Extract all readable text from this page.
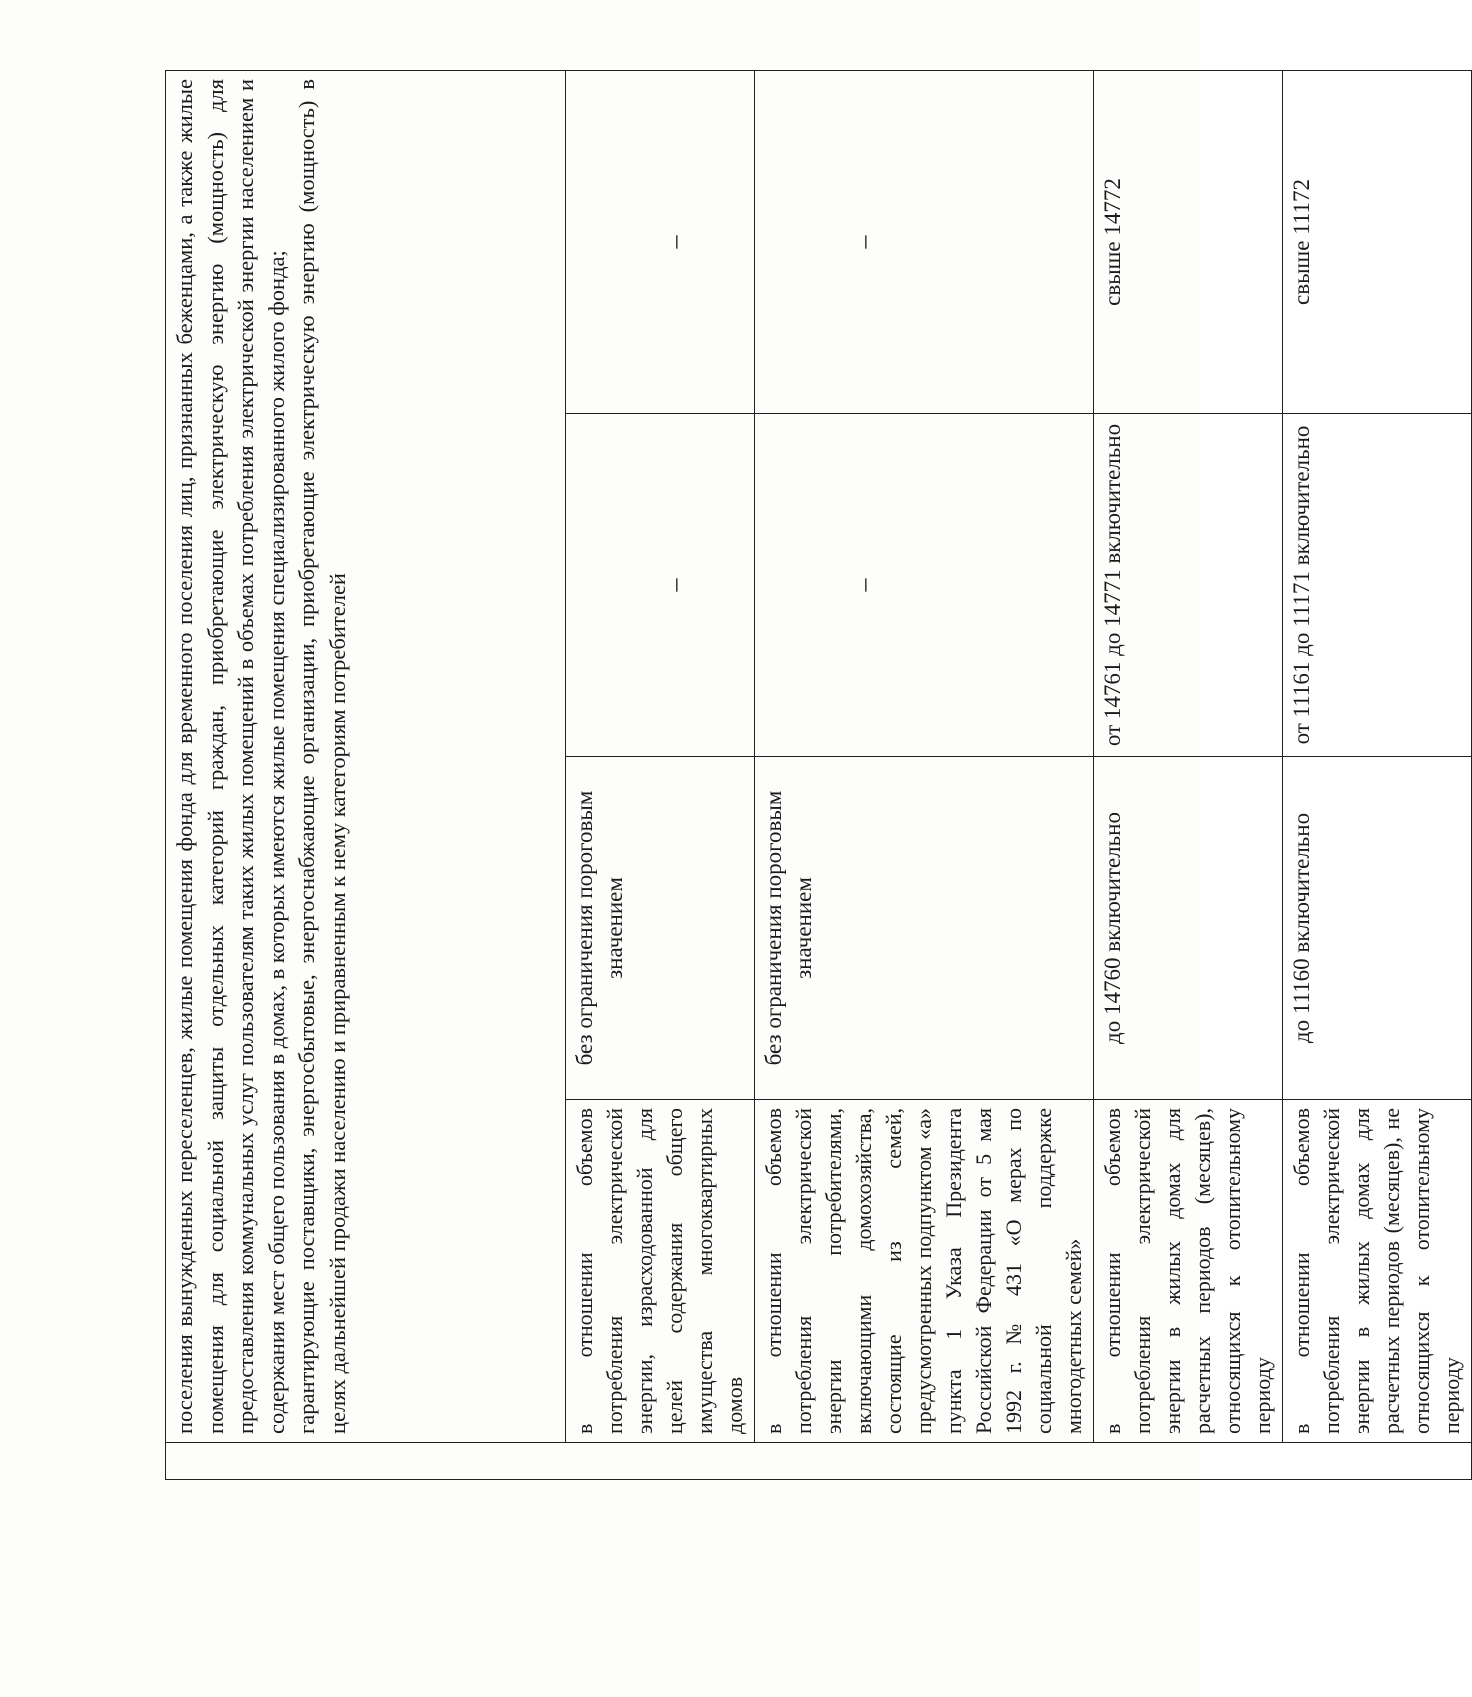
	поселения вынужденных переселенцев, жилые помещения фонда для временного поселения лиц, признанных беженцами, а также жилые помещения для социальной защиты отдельных категорий граждан, приобретающие электрическую энергию (мощность) для предоставления коммунальных услуг пользователям таких жилых помещений в объемах потребления электрической энергии населением и содержания мест общего пользования в домах, в которых имеются жилые помещения специализированного жилого фонда; гарантирующие поставщики, энергосбытовые, энергоснабжающие организации, приобретающие электрическую энергию (мощность) в целях дальнейшей продажи населению и приравненным к нему категориям потребителей			

	в отношении объемов потребления электрической энергии, израсходованной для целей содержания общего имущества многоквартирных домов	без ограничения пороговым значением	–	–

	в отношении объемов потребления электрической энергии потребителями, включающими домохозяйства, состоящие из семей, предусмотренных подпунктом «а» пункта 1 Указа Президента Российской Федерации от 5 мая 1992 г. № 431 «О мерах по социальной поддержке многодетных семей»	без ограничения пороговым значением	–	–

	в отношении объемов потребления электрической энергии в жилых домах для расчетных периодов (месяцев), относящихся к отопительному периоду	до 14760 включительно	от 14761 до 14771 включительно	свыше 14772
	в отношении объемов потребления электрической энергии в жилых домах для расчетных периодов (месяцев), не относящихся к отопительному периоду	до 11160 включительно	от 11161 до 11171 включительно	свыше 11172
